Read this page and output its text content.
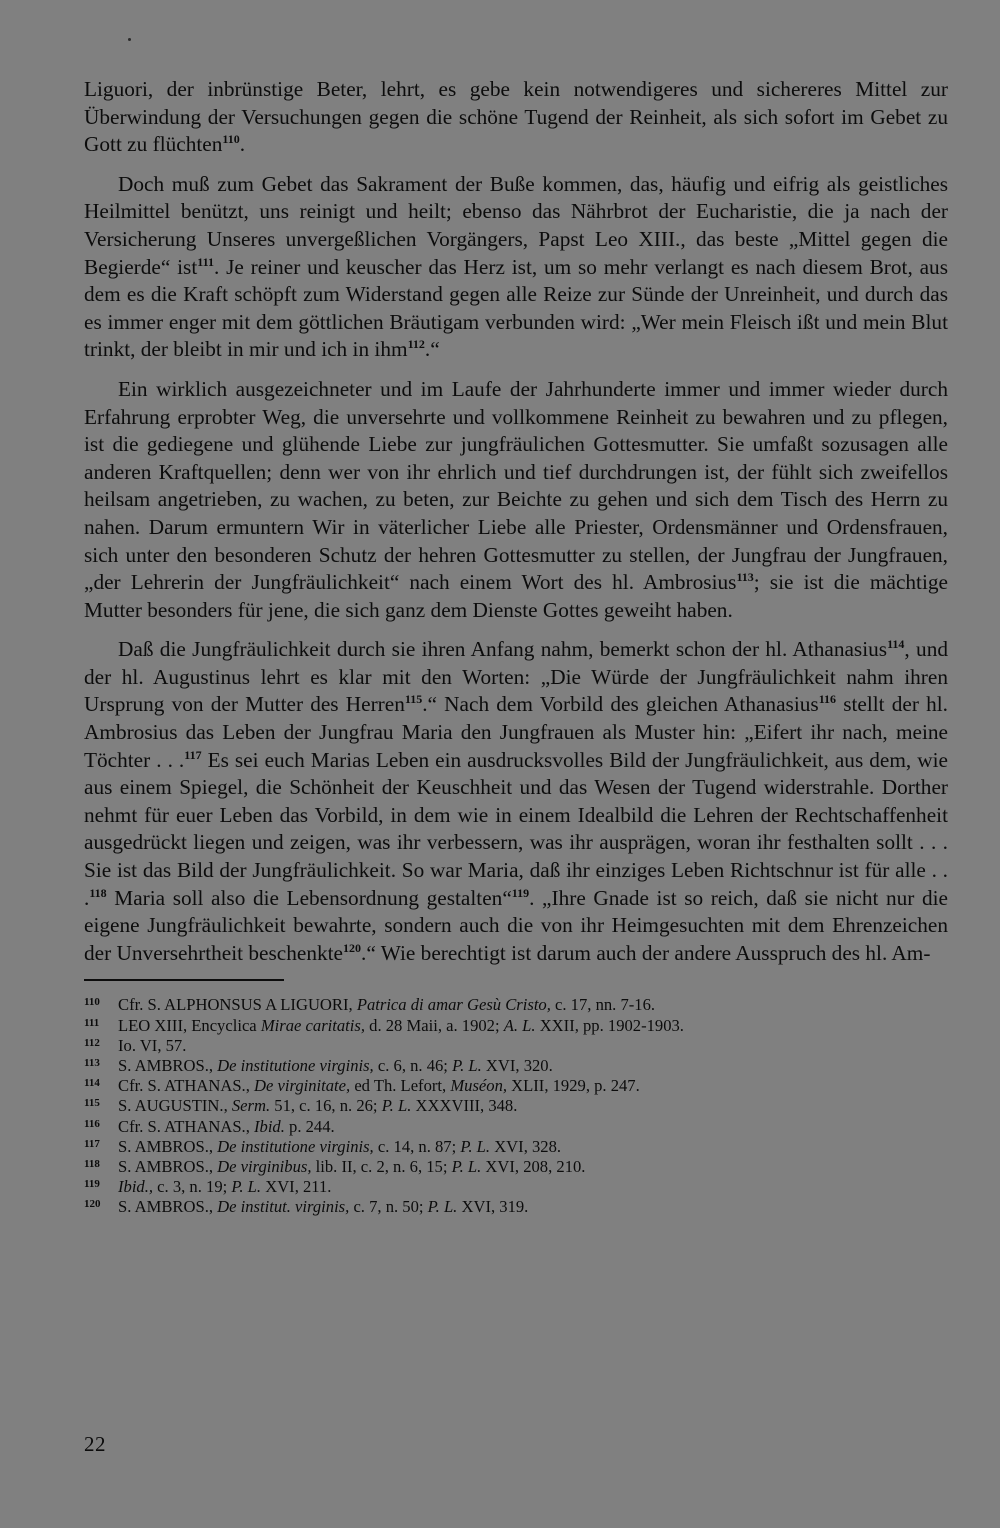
Liguori, der inbrünstige Beter, lehrt, es gebe kein notwendigeres und sichereres Mittel zur Überwindung der Versuchungen gegen die schöne Tugend der Reinheit, als sich sofort im Gebet zu Gott zu flüchten$^{110}$.

Doch muß zum Gebet das Sakrament der Buße kommen, das, häufig und eifrig als geistliches Heilmittel benützt, uns reinigt und heilt; ebenso das Nährbrot der Eucharistie, die ja nach der Versicherung Unseres unvergeßlichen Vorgängers, Papst Leo XIII., das beste „Mittel gegen die Begierde“ ist$^{111}$. Je reiner und keuscher das Herz ist, um so mehr verlangt es nach diesem Brot, aus dem es die Kraft schöpft zum Widerstand gegen alle Reize zur Sünde der Unreinheit, und durch das es immer enger mit dem göttlichen Bräutigam verbunden wird: „Wer mein Fleisch ißt und mein Blut trinkt, der bleibt in mir und ich in ihm$^{112}$.“

Ein wirklich ausgezeichneter und im Laufe der Jahrhunderte immer und immer wieder durch Erfahrung erprobter Weg, die unversehrte und vollkommene Reinheit zu bewahren und zu pflegen, ist die gediegene und glühende Liebe zur jungfräulichen Gottesmutter. Sie umfaßt sozusagen alle anderen Kraftquellen; denn wer von ihr ehrlich und tief durchdrungen ist, der fühlt sich zweifellos heilsam angetrieben, zu wachen, zu beten, zur Beichte zu gehen und sich dem Tisch des Herrn zu nahen. Darum ermuntern Wir in väterlicher Liebe alle Priester, Ordensmänner und Ordensfrauen, sich unter den besonderen Schutz der hehren Gottesmutter zu stellen, der Jungfrau der Jungfrauen, „der Lehrerin der Jungfräulichkeit“ nach einem Wort des hl. Ambrosius$^{113}$; sie ist die mächtige Mutter besonders für jene, die sich ganz dem Dienste Gottes geweiht haben.

Daß die Jungfräulichkeit durch sie ihren Anfang nahm, bemerkt schon der hl. Athanasius$^{114}$, und der hl. Augustinus lehrt es klar mit den Worten: „Die Würde der Jungfräulichkeit nahm ihren Ursprung von der Mutter des Herren$^{115}$.“ Nach dem Vorbild des gleichen Athanasius$^{116}$ stellt der hl. Ambrosius das Leben der Jungfrau Maria den Jungfrauen als Muster hin: „Eifert ihr nach, meine Töchter . . .$^{117}$ Es sei euch Marias Leben ein ausdrucksvolles Bild der Jungfräulichkeit, aus dem, wie aus einem Spiegel, die Schönheit der Keuschheit und das Wesen der Tugend widerstrahle. Dorther nehmt für euer Leben das Vorbild, in dem wie in einem Idealbild die Lehren der Rechtschaffenheit ausgedrückt liegen und zeigen, was ihr verbessern, was ihr ausprägen, woran ihr festhalten sollt . . . Sie ist das Bild der Jungfräulichkeit. So war Maria, daß ihr einziges Leben Richtschnur ist für alle . . .$^{118}$ Maria soll also die Lebensordnung gestalten“$^{119}$. „Ihre Gnade ist so reich, daß sie nicht nur die eigene Jungfräulichkeit bewahrte, sondern auch die von ihr Heimgesuchten mit dem Ehrenzeichen der Unversehrtheit beschenkte$^{120}$.“ Wie berechtigt ist darum auch der andere Ausspruch des hl. Am-

110 Cfr. S. ALPHONSUS A LIGUORI, Patrica di amar Gesù Cristo, c. 17, nn. 7-16.

111 LEO XIII, Encyclica Mirae caritatis, d. 28 Maii, a. 1902; A. L. XXII, pp. 1902-1903.

112 Io. VI, 57.

113 S. AMBROS., De institutione virginis, c. 6, n. 46; P. L. XVI, 320.

114 Cfr. S. ATHANAS., De virginitate, ed Th. Lefort, Muséon, XLII, 1929, p. 247.

115 S. AUGUSTIN., Serm. 51, c. 16, n. 26; P. L. XXXVIII, 348.

116 Cfr. S. ATHANAS., Ibid. p. 244.

117 S. AMBROS., De institutione virginis, c. 14, n. 87; P. L. XVI, 328.

118 S. AMBROS., De virginibus, lib. II, c. 2, n. 6, 15; P. L. XVI, 208, 210.

119 Ibid., c. 3, n. 19; P. L. XVI, 211.

120 S. AMBROS., De institut. virginis, c. 7, n. 50; P. L. XVI, 319.

22
